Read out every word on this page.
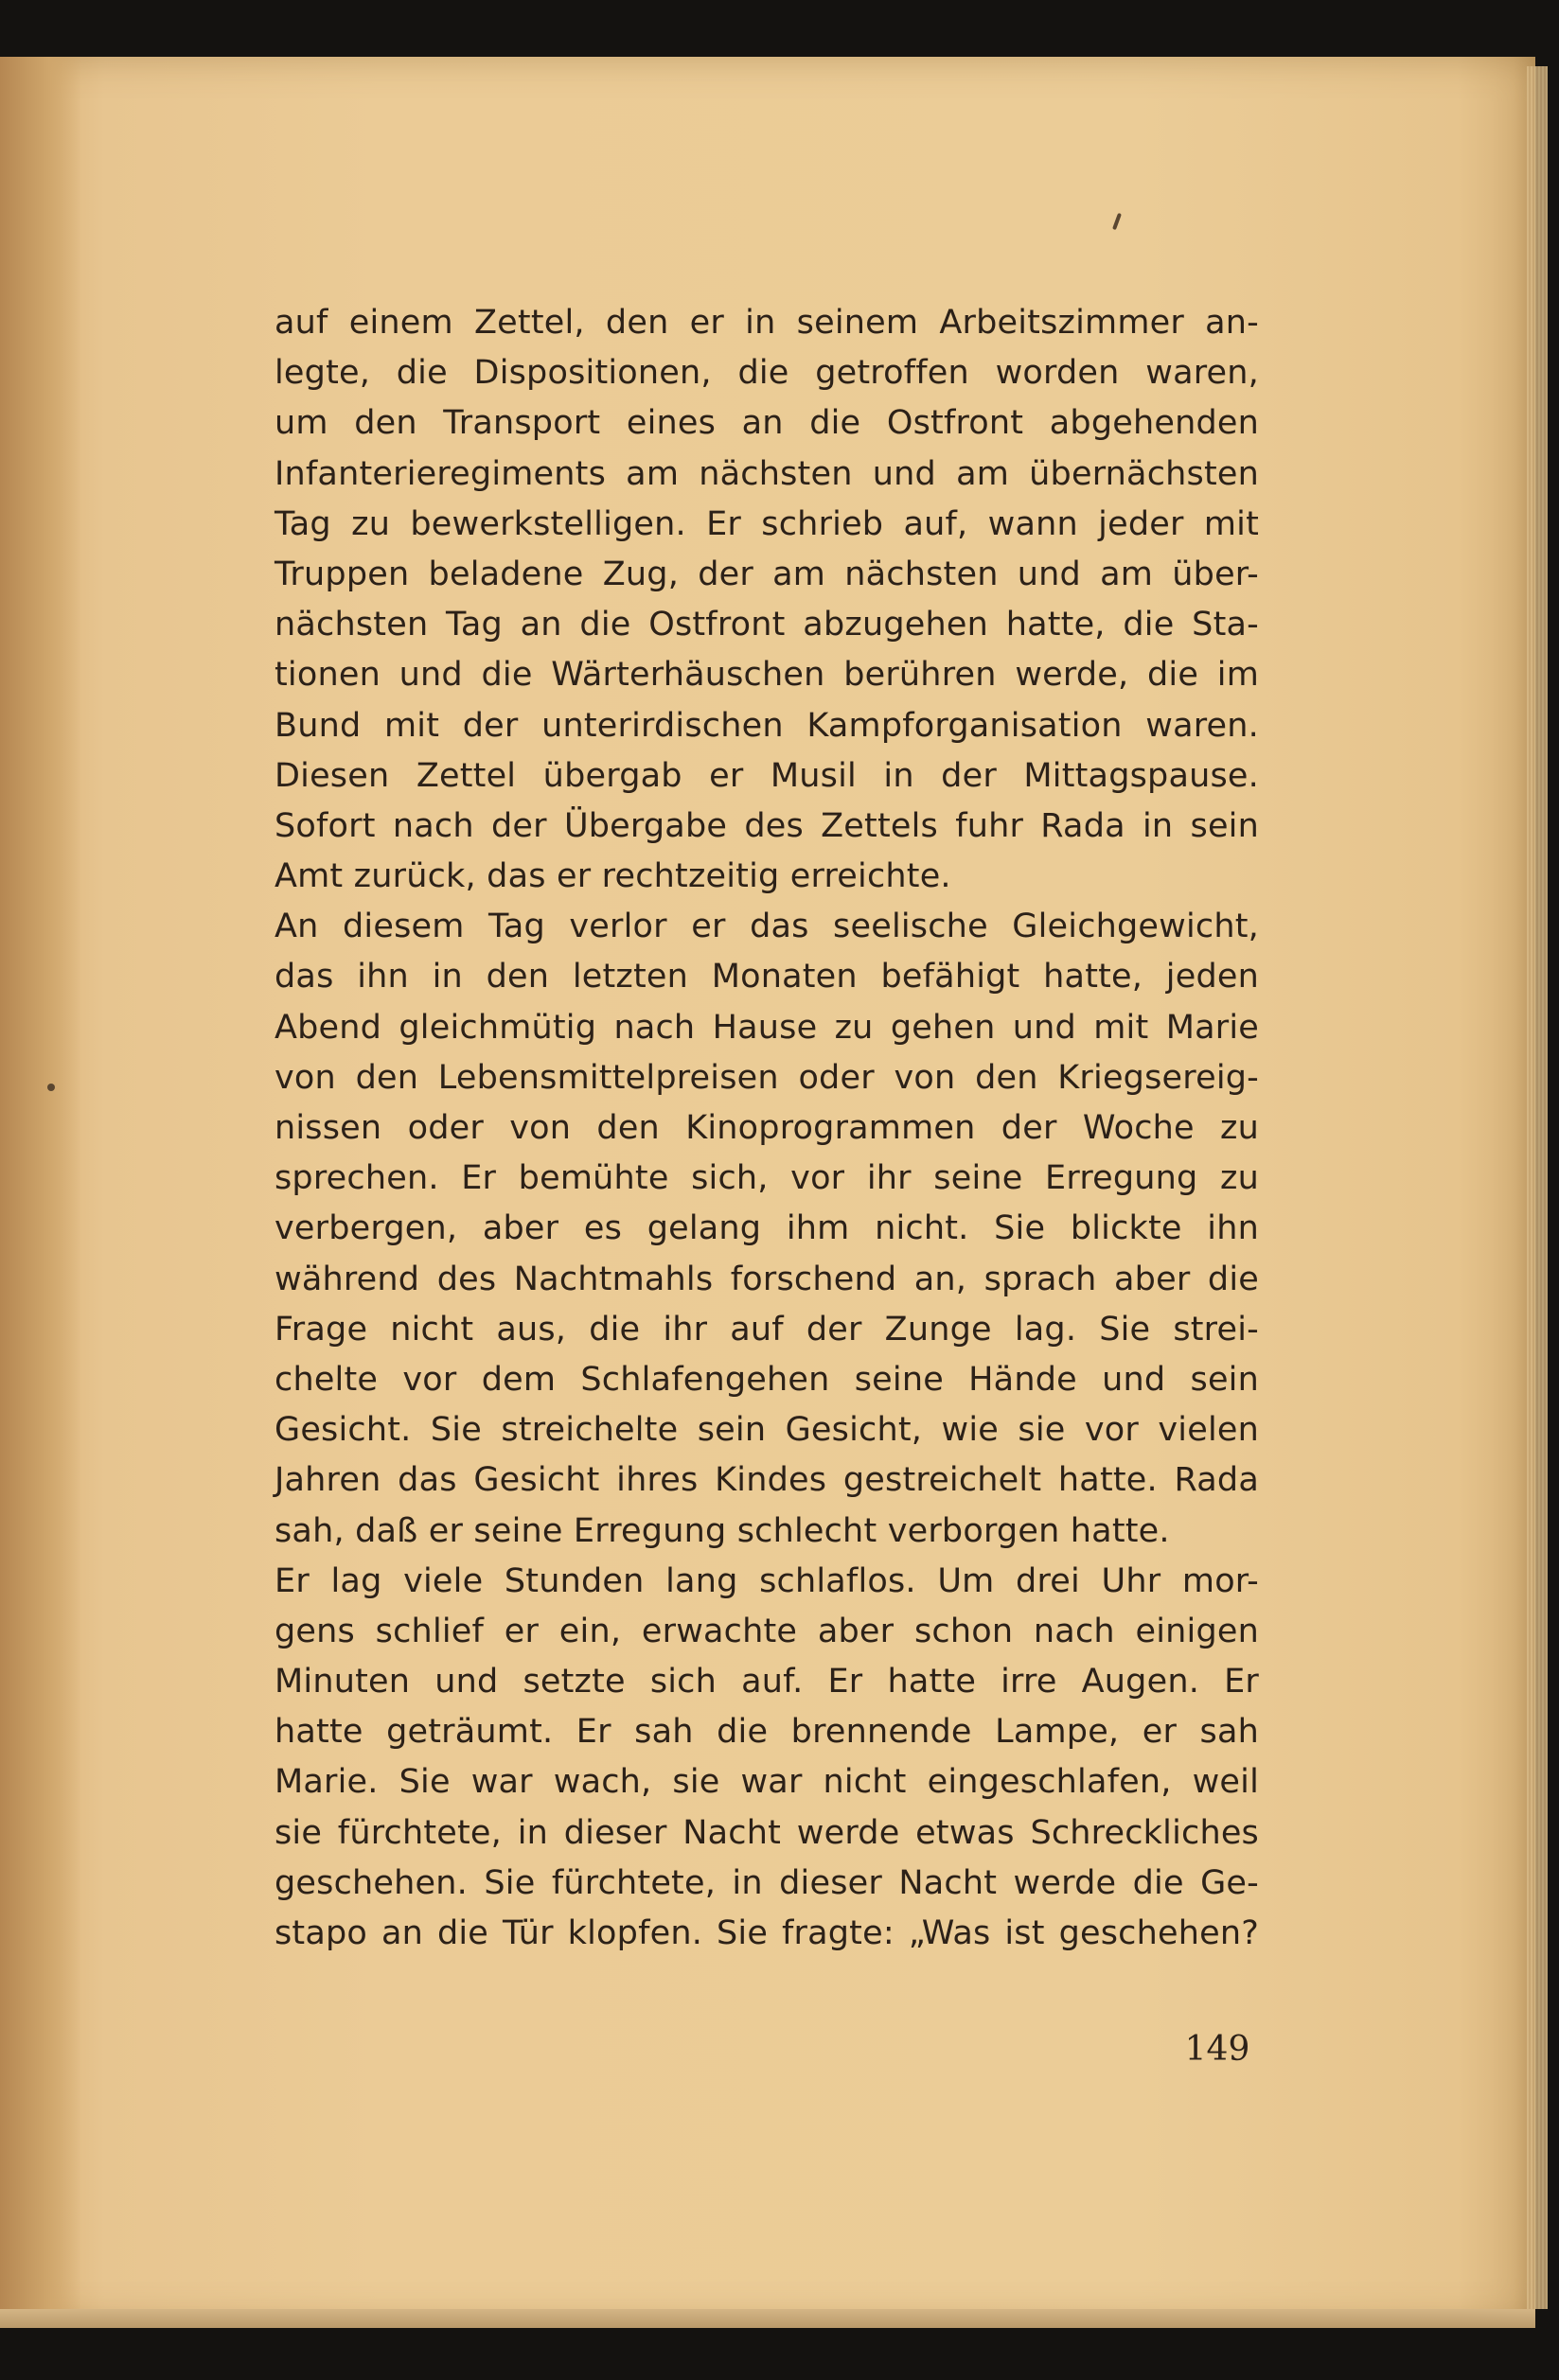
auf einem Zettel, den er in seinem Arbeitszimmer an-
legte, die Dispositionen, die getroffen worden waren,
um den Transport eines an die Ostfront abgehenden
Infanterieregiments am nächsten und am übernächsten
Tag zu bewerkstelligen. Er schrieb auf, wann jeder mit
Truppen beladene Zug, der am nächsten und am über-
nächsten Tag an die Ostfront abzugehen hatte, die Sta-
tionen und die Wärterhäuschen berühren werde, die im
Bund mit der unterirdischen Kampforganisation waren.
Diesen Zettel übergab er Musil in der Mittagspause.
Sofort nach der Übergabe des Zettels fuhr Rada in sein
Amt zurück, das er rechtzeitig erreichte.
An diesem Tag verlor er das seelische Gleichgewicht,
das ihn in den letzten Monaten befähigt hatte, jeden
Abend gleichmütig nach Hause zu gehen und mit Marie
von den Lebensmittelpreisen oder von den Kriegsereig-
nissen oder von den Kinoprogrammen der Woche zu
sprechen. Er bemühte sich, vor ihr seine Erregung zu
verbergen, aber es gelang ihm nicht. Sie blickte ihn
während des Nachtmahls forschend an, sprach aber die
Frage nicht aus, die ihr auf der Zunge lag. Sie strei-
chelte vor dem Schlafengehen seine Hände und sein
Gesicht. Sie streichelte sein Gesicht, wie sie vor vielen
Jahren das Gesicht ihres Kindes gestreichelt hatte. Rada
sah, daß er seine Erregung schlecht verborgen hatte.
Er lag viele Stunden lang schlaflos. Um drei Uhr mor-
gens schlief er ein, erwachte aber schon nach einigen
Minuten und setzte sich auf. Er hatte irre Augen. Er
hatte geträumt. Er sah die brennende Lampe, er sah
Marie. Sie war wach, sie war nicht eingeschlafen, weil
sie fürchtete, in dieser Nacht werde etwas Schreckliches
geschehen. Sie fürchtete, in dieser Nacht werde die Ge-
stapo an die Tür klopfen. Sie fragte: „Was ist geschehen?
149
